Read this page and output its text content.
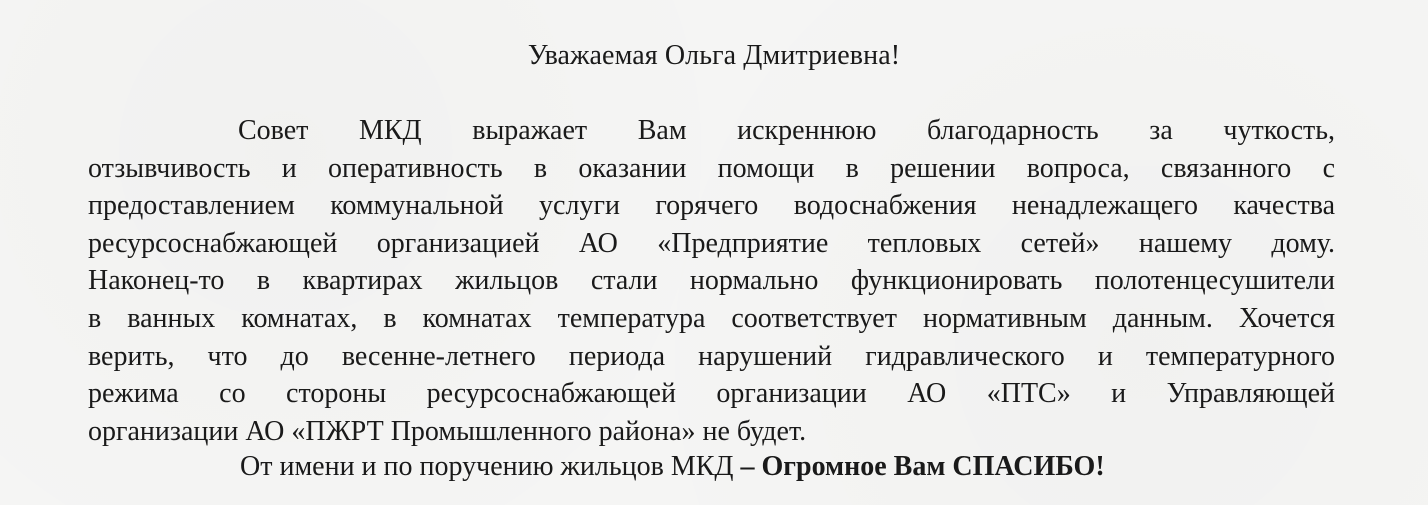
Уважаемая Ольга Дмитриевна!
Совет МКД выражает Вам искреннюю благодарность за чуткость,
отзывчивость и оперативность в оказании помощи в решении вопроса, связанного с
предоставлением коммунальной услуги горячего водоснабжения ненадлежащего качества
ресурсоснабжающей организацией АО «Предприятие тепловых сетей» нашему дому.
Наконец-то в квартирах жильцов стали нормально функционировать полотенцесушители
в ванных комнатах, в комнатах температура соответствует нормативным данным. Хочется
верить, что до весенне-летнего периода нарушений гидравлического и температурного
режима со стороны ресурсоснабжающей организации АО «ПТС» и Управляющей
организации АО «ПЖРТ Промышленного района» не будет.
От имени и по поручению жильцов МКД – Огромное Вам СПАСИБО!
